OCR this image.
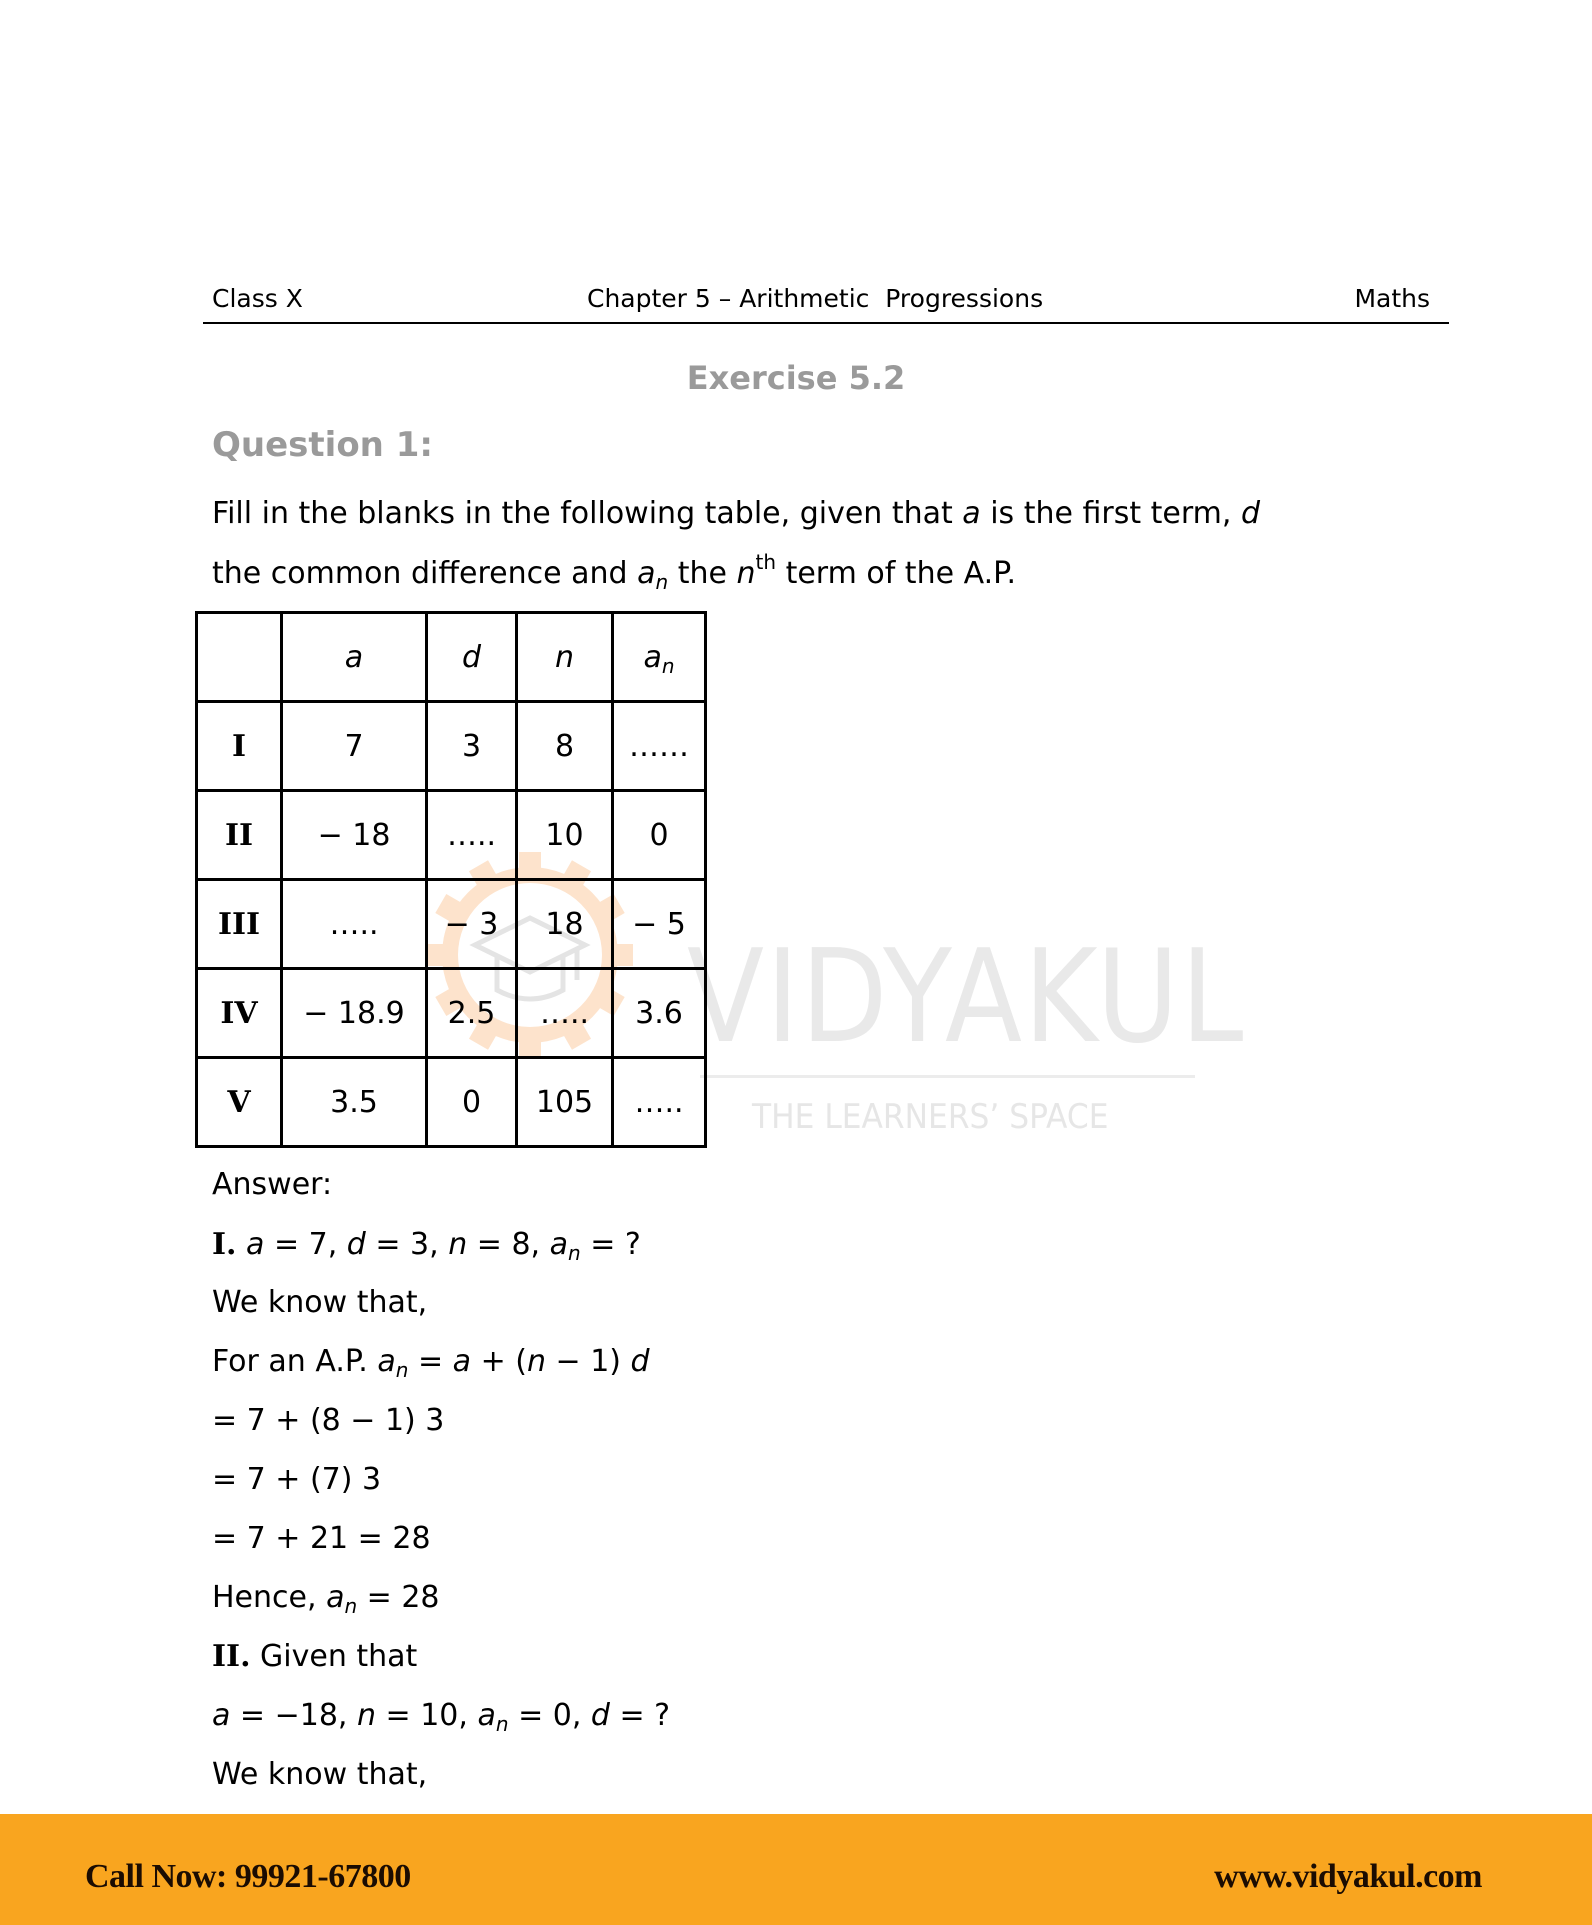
Class X	Chapter 5 – Arithmetic  Progressions	Maths
Exercise 5.2
Question 1:
Fill in the blanks in the following table, given that a is the first term, d
the common difference and $a_n$ the $n^{th}$ term of the A.P.
VIDYAKUL
THE LEARNERS’ SPACE
	a	d	n	$a_n$
I	7	3	8	……
II	− 18	…..	10	0
III	…..	− 3	18	− 5
IV	− 18.9	2.5	…..	3.6
V	3.5	0	105	…..
Answer:
I. a = 7, d = 3, n = 8, $a_n$ = ?
We know that,
For an A.P. $a_n = a + (n - 1)$ d
= 7 + (8 − 1) 3
= 7 + (7) 3
= 7 + 21 = 28
Hence, $a_n = 28$
II. Given that
a = −18, n = 10, $a_n = 0$, d = ?
We know that,
Call Now: 99921-67800	www.vidyakul.com
